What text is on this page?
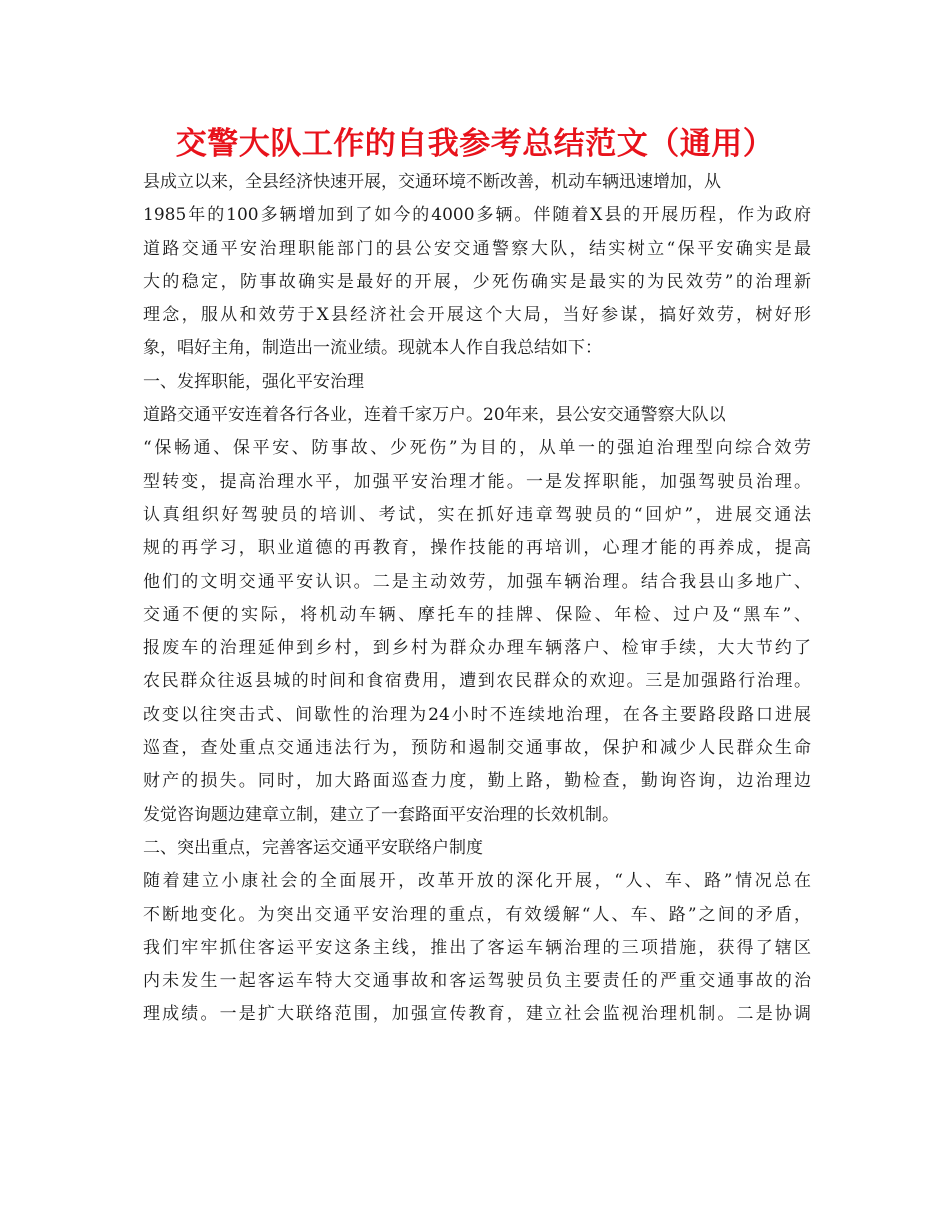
交警大队工作的自我参考总结范文（通用）
县成立以来，全县经济快速开展，交通环境不断改善，机动车辆迅速增加，从
1985年的100多辆增加到了如今的4000多辆。伴随着X县的开展历程，作为政府
道路交通平安治理职能部门的县公安交通警察大队，结实树立“保平安确实是最
大的稳定，防事故确实是最好的开展，少死伤确实是最实的为民效劳”的治理新
理念，服从和效劳于X县经济社会开展这个大局，当好参谋，搞好效劳，树好形
象，唱好主角，制造出一流业绩。现就本人作自我总结如下：
一、发挥职能，强化平安治理
道路交通平安连着各行各业，连着千家万户。20年来，县公安交通警察大队以
“保畅通、保平安、防事故、少死伤”为目的，从单一的强迫治理型向综合效劳
型转变，提高治理水平，加强平安治理才能。一是发挥职能，加强驾驶员治理。
认真组织好驾驶员的培训、考试，实在抓好违章驾驶员的“回炉”，进展交通法
规的再学习，职业道德的再教育，操作技能的再培训，心理才能的再养成，提高
他们的文明交通平安认识。二是主动效劳，加强车辆治理。结合我县山多地广、
交通不便的实际，将机动车辆、摩托车的挂牌、保险、年检、过户及“黑车”、
报废车的治理延伸到乡村，到乡村为群众办理车辆落户、检审手续，大大节约了
农民群众往返县城的时间和食宿费用，遭到农民群众的欢迎。三是加强路行治理。
改变以往突击式、间歇性的治理为24小时不连续地治理，在各主要路段路口进展
巡查，查处重点交通违法行为，预防和遏制交通事故，保护和减少人民群众生命
财产的损失。同时，加大路面巡查力度，勤上路，勤检查，勤询咨询，边治理边
发觉咨询题边建章立制，建立了一套路面平安治理的长效机制。
二、突出重点，完善客运交通平安联络户制度
随着建立小康社会的全面展开，改革开放的深化开展，“人、车、路”情况总在
不断地变化。为突出交通平安治理的重点，有效缓解“人、车、路”之间的矛盾，
我们牢牢抓住客运平安这条主线，推出了客运车辆治理的三项措施，获得了辖区
内未发生一起客运车特大交通事故和客运驾驶员负主要责任的严重交通事故的治
理成绩。一是扩大联络范围，加强宣传教育，建立社会监视治理机制。二是协调
